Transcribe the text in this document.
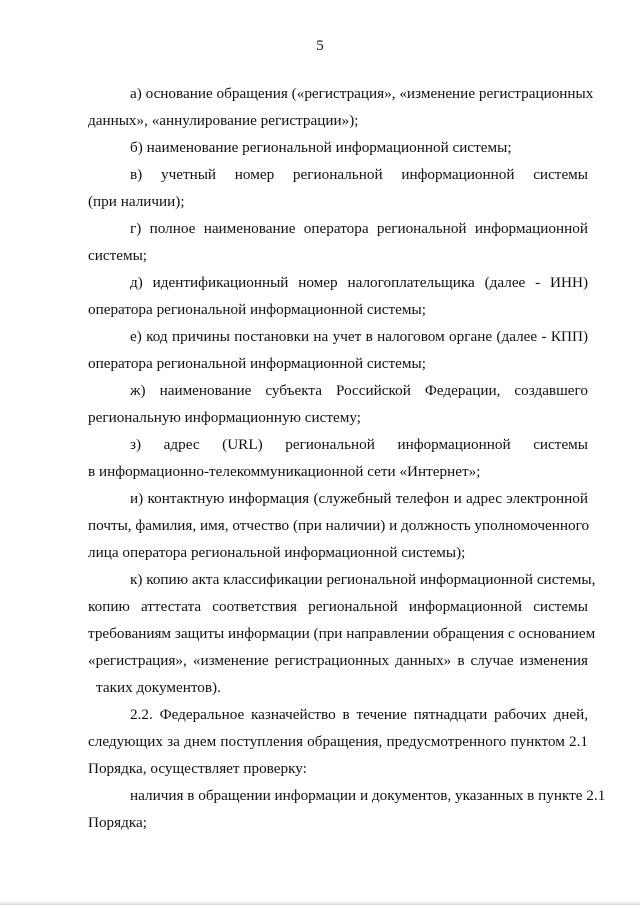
5
а) основание обращения («регистрация», «изменение регистрационных
данных», «аннулирование регистрации»);
б) наименование региональной информационной системы;
в) учетный номер региональной информационной системы
(при наличии);
г) полное наименование оператора региональной информационной
системы;
д) идентификационный номер налогоплательщика (далее - ИНН)
оператора региональной информационной системы;
е) код причины постановки на учет в налоговом органе (далее - КПП)
оператора региональной информационной системы;
ж) наименование субъекта Российской Федерации, создавшего
региональную информационную систему;
з) адрес (URL) региональной информационной системы
в информационно-телекоммуникационной сети «Интернет»;
и) контактную информация (служебный телефон и адрес электронной
почты, фамилия, имя, отчество (при наличии) и должность уполномоченного
лица оператора региональной информационной системы);
к) копию акта классификации региональной информационной системы,
копию аттестата соответствия региональной информационной системы
требованиям защиты информации (при направлении обращения с основанием
«регистрация», «изменение регистрационных данных» в случае изменения
таких документов).
2.2. Федеральное казначейство в течение пятнадцати рабочих дней,
следующих за днем поступления обращения, предусмотренного пунктом 2.1
Порядка, осуществляет проверку:
наличия в обращении информации и документов, указанных в пункте 2.1
Порядка;
